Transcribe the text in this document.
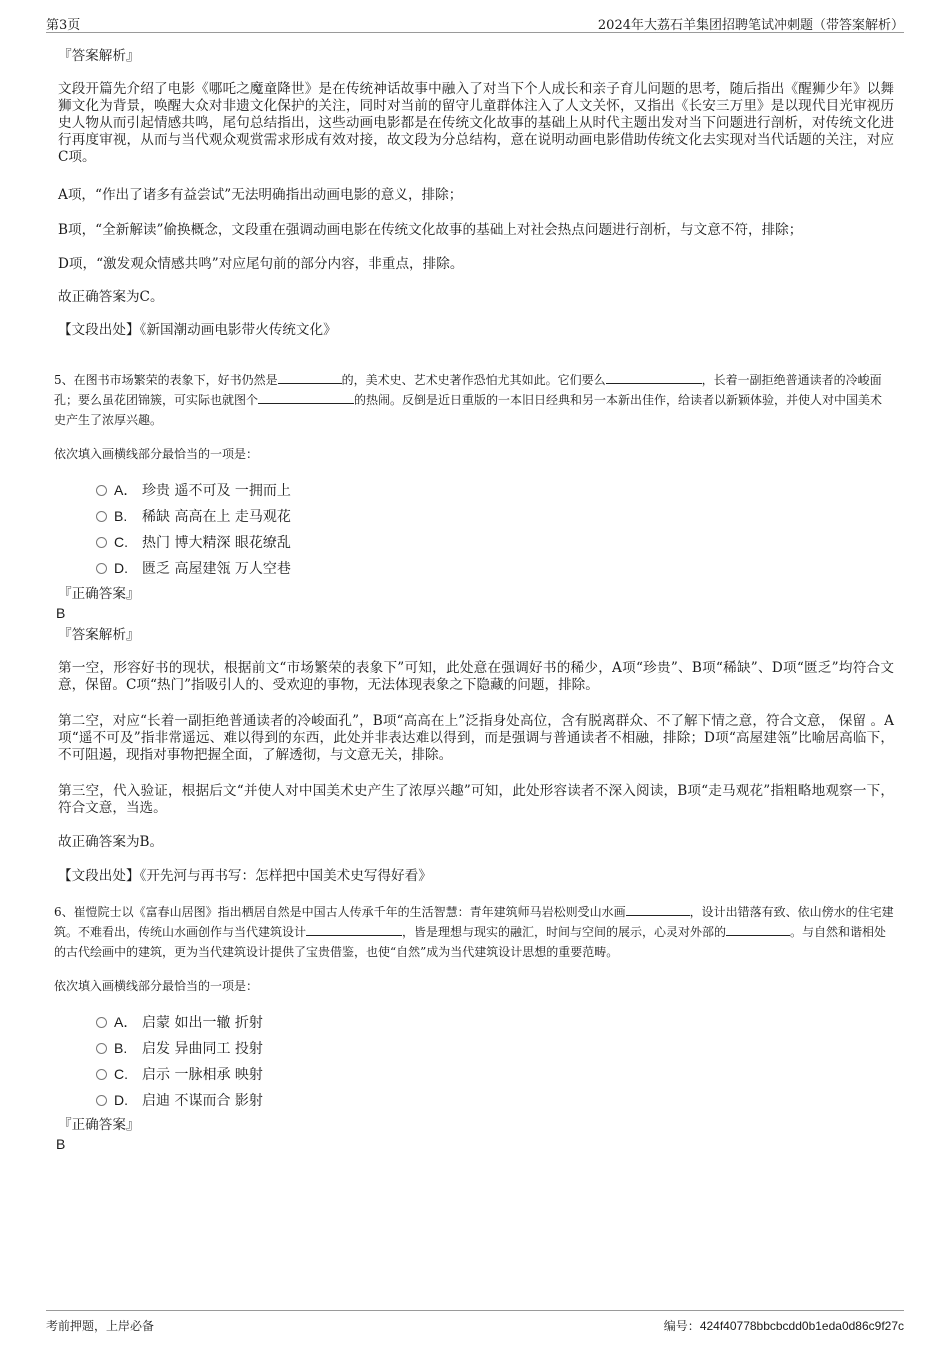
第3页	2024年大荔石羊集团招聘笔试冲刺题（带答案解析）
『答案解析』

文段开篇先介绍了电影《哪吒之魔童降世》是在传统神话故事中融入了对当下个人成长和亲子育儿问题的思考，随后指出《醒狮少年》以舞狮文化为背景，唤醒大众对非遗文化保护的关注，同时对当前的留守儿童群体注入了人文关怀，又指出《长安三万里》是以现代目光审视历史人物从而引起情感共鸣，尾句总结指出，这些动画电影都是在传统文化故事的基础上从时代主题出发对当下问题进行剖析，对传统文化进行再度审视，从而与当代观众观赏需求形成有效对接，故文段为分总结构，意在说明动画电影借助传统文化去实现对当代话题的关注，对应C项。

A项，“作出了诸多有益尝试”无法明确指出动画电影的意义，排除；

B项，“全新解读”偷换概念，文段重在强调动画电影在传统文化故事的基础上对社会热点问题进行剖析，与文意不符，排除；

D项，“激发观众情感共鸣”对应尾句前的部分内容，非重点，排除。

故正确答案为C。

【文段出处】《新国潮动画电影带火传统文化》

5、在图书市场繁荣的表象下，好书仍然是	的，美术史、艺术史著作恐怕尤其如此。它们要么	，长着一副拒绝普通读者的冷峻面孔；要么虽花团锦簇，可实际也就图个	的热闹。反倒是近日重版的一本旧日经典和另一本新出佳作，给读者以新颖体验，并使人对中国美术史产生了浓厚兴趣。

依次填入画横线部分最恰当的一项是：

A． 珍贵 遥不可及 一拥而上
B. 稀缺 高高在上 走马观花
C. 热门 博大精深 眼花缭乱
D. 匮乏 高屋建瓴 万人空巷
『正确答案』
B
『答案解析』

第一空，形容好书的现状，根据前文“市场繁荣的表象下”可知，此处意在强调好书的稀少，A项“珍贵”、B项“稀缺”、D项“匮乏”均符合文意，保留。C项“热门”指吸引人的、受欢迎的事物，无法体现表象之下隐藏的问题，排除。

第二空，对应“长着一副拒绝普通读者的冷峻面孔”，B项“高高在上”泛指身处高位，含有脱离群众、不了解下情之意，符合文意， 保留 。A项“遥不可及”指非常遥远、难以得到的东西，此处并非表达难以得到，而是强调与普通读者不相融，排除；D项“高屋建瓴”比喻居高临下，不可阻遏，现指对事物把握全面，了解透彻，与文意无关，排除。

第三空，代入验证，根据后文“并使人对中国美术史产生了浓厚兴趣”可知，此处形容读者不深入阅读，B项“走马观花”指粗略地观察一下，符合文意，当选。

故正确答案为B。

【文段出处】《开先河与再书写：怎样把中国美术史写得好看》

6、崔愷院士以《富春山居图》指出栖居自然是中国古人传承千年的生活智慧：青年建筑师马岩松则受山水画	，设计出错落有致、依山傍水的住宅建筑。不难看出，传统山水画创作与当代建筑设计	，皆是理想与现实的融汇，时间与空间的展示，心灵对外部的	。与自然和谐相处的古代绘画中的建筑，更为当代建筑设计提供了宝贵借鉴，也使“自然”成为当代建筑设计思想的重要范畴。

依次填入画横线部分最恰当的一项是：

A． 启蒙 如出一辙 折射
B. 启发 异曲同工 投射
C. 启示 一脉相承 映射
D. 启迪 不谋而合 影射
『正确答案』
B
考前押题，上岸必备	编号：424f40778bbcbcdd0b1eda0d86c9f27c
